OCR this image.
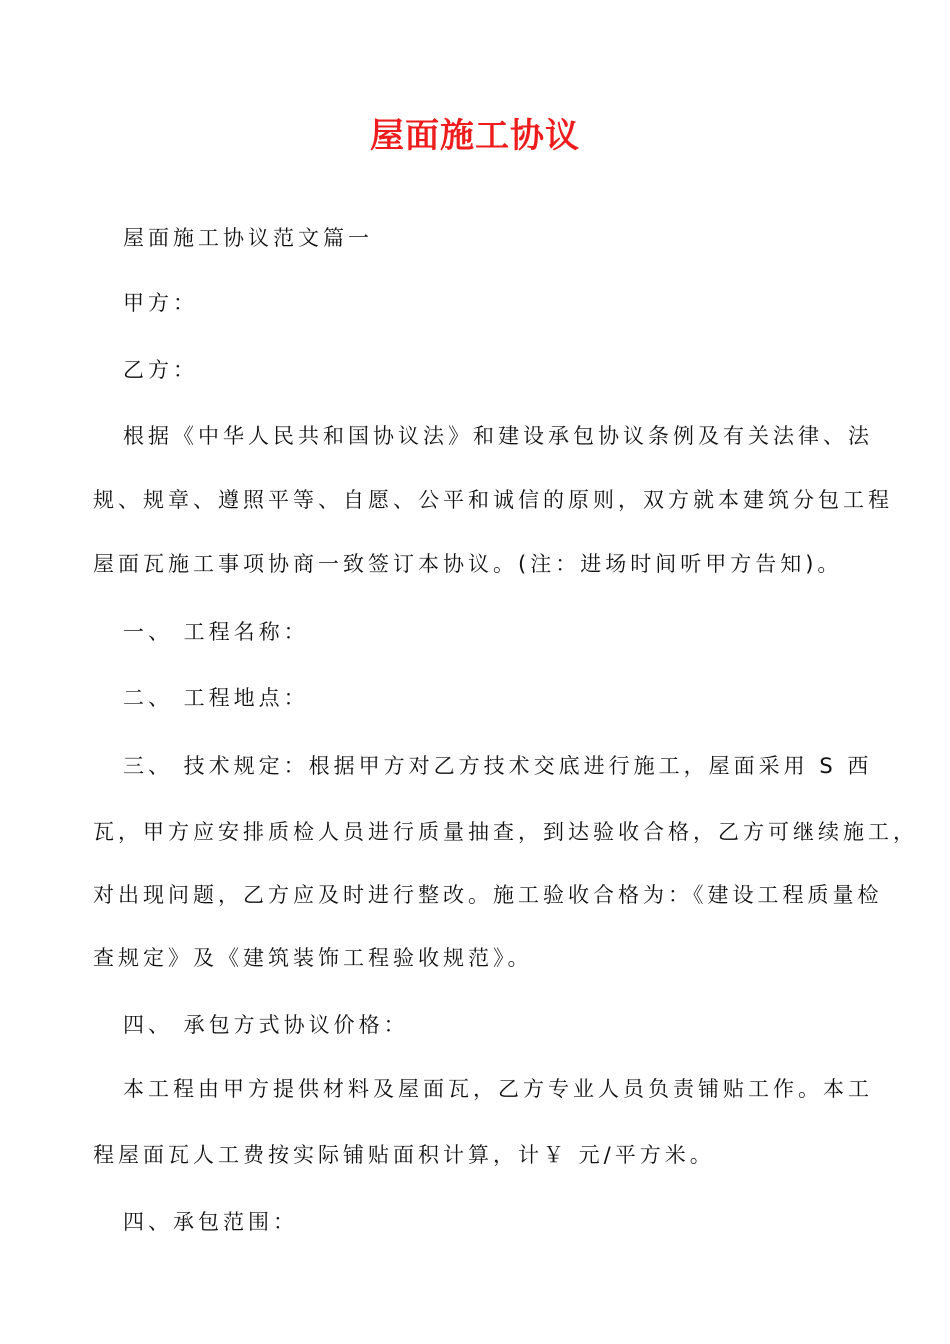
屋面施工协议
屋面施工协议范文篇一
甲方：
乙方：
根据《中华人民共和国协议法》和建设承包协议条例及有关法律、法
规、规章、遵照平等、自愿、公平和诚信的原则，双方就本建筑分包工程
屋面瓦施工事项协商一致签订本协议。(注：进场时间听甲方告知)。
一、 工程名称：
二、 工程地点：
三、 技术规定：根据甲方对乙方技术交底进行施工，屋面采用 S 西
瓦，甲方应安排质检人员进行质量抽查，到达验收合格，乙方可继续施工，
对出现问题，乙方应及时进行整改。施工验收合格为：《建设工程质量检
查规定》及《建筑装饰工程验收规范》。
四、 承包方式协议价格：
本工程由甲方提供材料及屋面瓦，乙方专业人员负责铺贴工作。本工
程屋面瓦人工费按实际铺贴面积计算，计￥ 元/平方米。
四、承包范围：
